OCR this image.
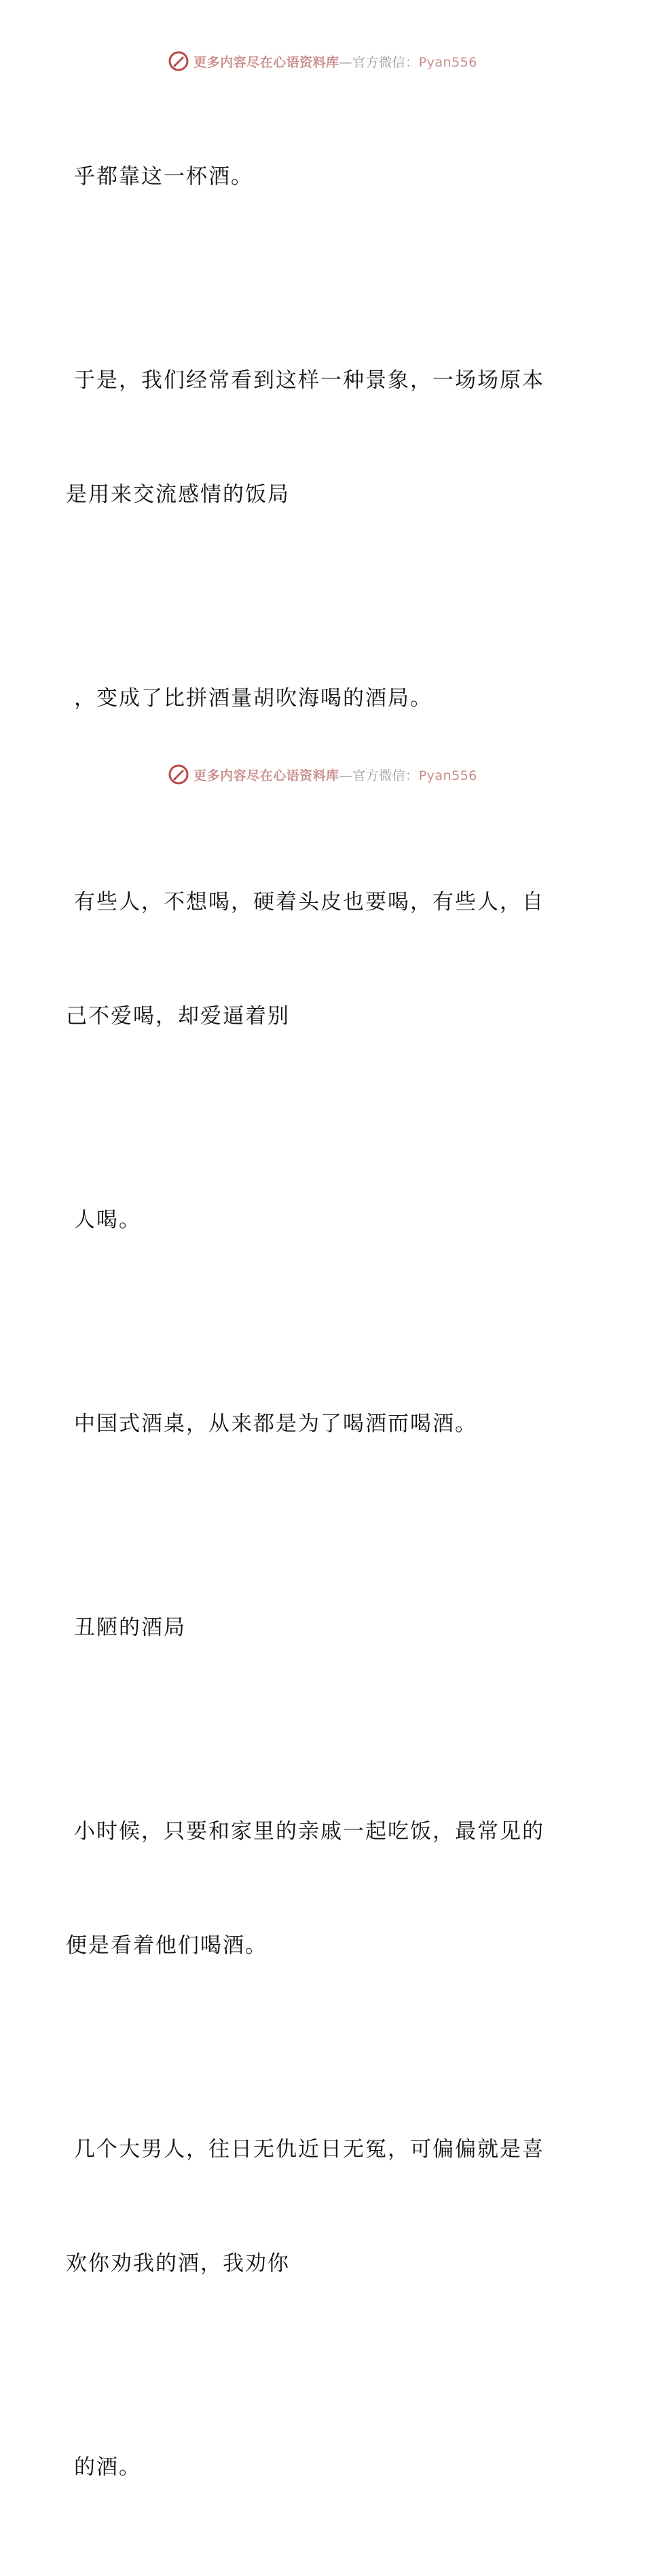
更多内容尽在心语资料库—官方微信：Pyan556

乎都靠这一杯酒。

于是，我们经常看到这样一种景象，一场场原本

是用来交流感情的饭局

，变成了比拼酒量胡吹海喝的酒局。

有些人，不想喝，硬着头皮也要喝，有些人，自

己不爱喝，却爱逼着别

人喝。

中国式酒桌，从来都是为了喝酒而喝酒。

丑陋的酒局

小时候，只要和家里的亲戚一起吃饭，最常见的

便是看着他们喝酒。

几个大男人，往日无仇近日无冤，可偏偏就是喜

欢你劝我的酒，我劝你

的酒。

更多内容尽在心语资料库—官方微信：Pyan556
